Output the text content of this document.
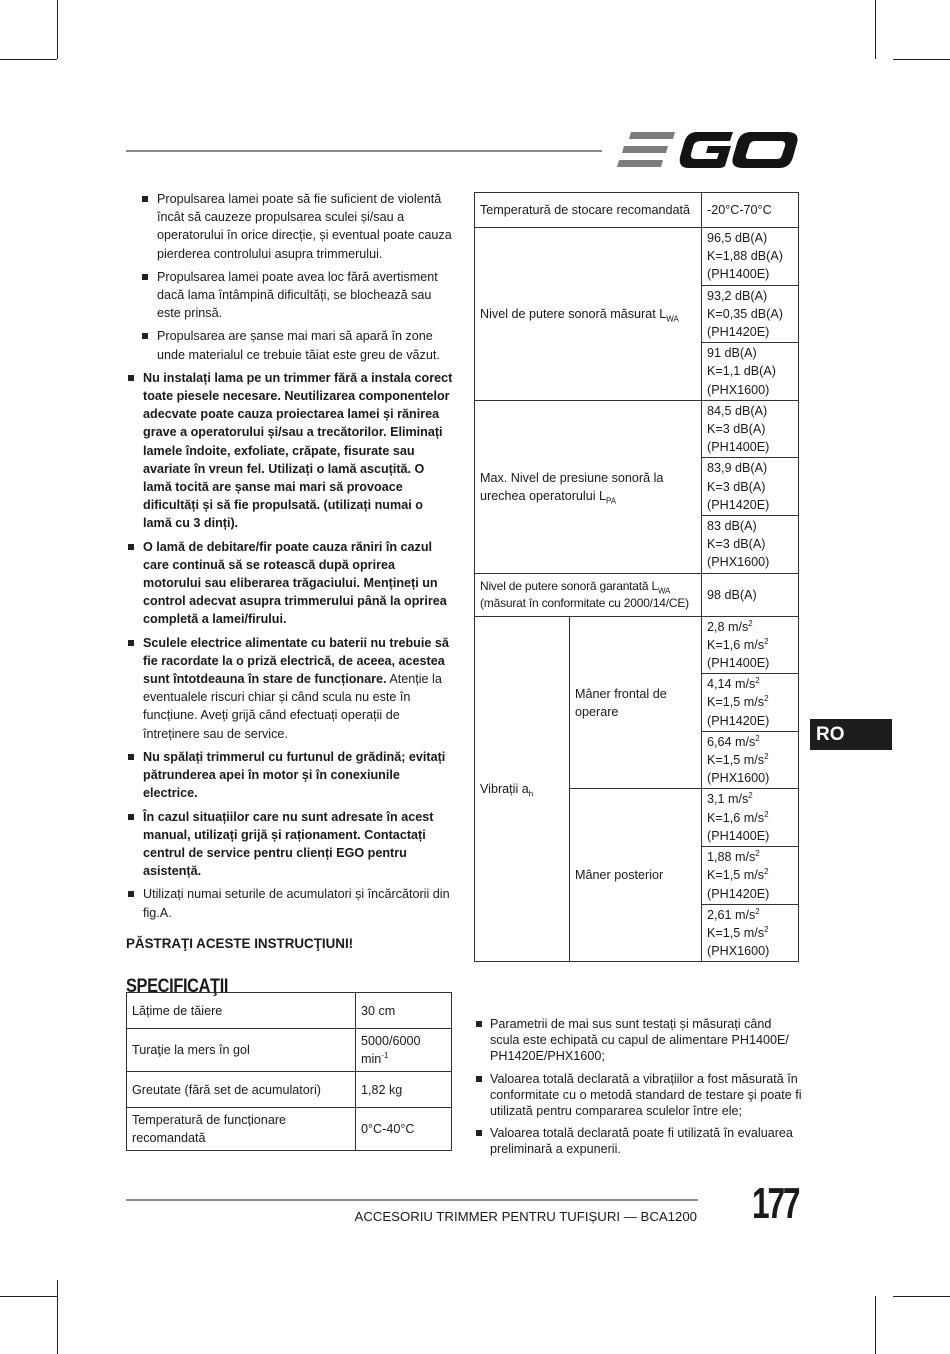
Propulsarea lamei poate să fie suficient de violentă încât să cauzeze propulsarea sculei și/sau a operatorului în orice direcție, și eventual poate cauza pierderea controlului asupra trimmerului.
Propulsarea lamei poate avea loc fără avertisment dacă lama întâmpină dificultăți, se blochează sau este prinsă.
Propulsarea are șanse mai mari să apară în zone unde materialul ce trebuie tăiat este greu de văzut.
Nu instalați lama pe un trimmer fără a instala corect toate piesele necesare. Neutilizarea componentelor adecvate poate cauza proiectarea lamei și rănirea grave a operatorului și/sau a trecătorilor. Eliminați lamele îndoite, exfoliate, crăpate, fisurate sau avariate în vreun fel. Utilizați o lamă ascuțită. O lamă tocită are șanse mai mari să provoace dificultăți și să fie propulsată. (utilizați numai o lamă cu 3 dinți).
O lamă de debitare/fir poate cauza răniri în cazul care continuă să se rotească după oprirea motorului sau eliberarea trăgaciului. Mențineți un control adecvat asupra trimmerului până la oprirea completă a lamei/firului.
Sculele electrice alimentate cu baterii nu trebuie să fie racordate la o priză electrică, de aceea, acestea sunt întotdeauna în stare de funcționare. Atenție la eventualele riscuri chiar și când scula nu este în funcțiune. Aveți grijă când efectuați operații de întreținere sau de service.
Nu spălați trimmerul cu furtunul de grădină; evitați pătrunderea apei în motor și în conexiunile electrice.
În cazul situațiilor care nu sunt adresate în acest manual, utilizați grijă și raționament. Contactați centrul de service pentru clienți EGO pentru asistență.
Utilizați numai seturile de acumulatori și încărcătorii din fig.A.
PĂSTRAŢI ACESTE INSTRUCŢIUNI!
SPECIFICAŢII
Lățime de tăiere	30 cm
Turaţie la mers în gol	5000/6000 $\min^{-1}$
Greutate (fără set de acumulatori)	1,82 kg
Temperatură de funcționare recomandată	0°C-40°C
Temperatură de stocare recomandată		-20°C-70°C
Nivel de putere sonoră măsurat $L_{WA}$		96,5 dB(A)
K=1,88 dB(A)
(PH1400E)

		93,2 dB(A)
K=0,35 dB(A)
(PH1420E)

		91 dB(A)
K=1,1 dB(A)
(PHX1600)

Max. Nivel de presiune sonoră la urechea operatorului $L_{PA}$		84,5 dB(A)
K=3 dB(A)
(PH1400E)

		83,9 dB(A)
K=3 dB(A)
(PH1420E)

		83 dB(A)
K=3 dB(A)
(PHX1600)

Nivel de putere sonoră garantată $L_{WA}$
(măsurat în conformitate cu 2000/14/CE)		98 dB(A)
Vibrații $a_h$	Mâner frontal de operare	2,8 $m/s^2$
K=1,6 $m/s^2$
(PH1400E)

		4,14 $m/s^2$
K=1,5 $m/s^2$
(PH1420E)

		6,64 $m/s^2$
K=1,5 $m/s^2$
(PHX1600)

	Mâner posterior	3,1 $m/s^2$
K=1,6 $m/s^2$
(PH1400E)

		1,88 $m/s^2$
K=1,5 $m/s^2$
(PH1420E)

		2,61 $m/s^2$
K=1,5 $m/s^2$
(PHX1600)
Parametrii de mai sus sunt testați și măsurați când scula este echipată cu capul de alimentare PH1400E/ PH1420E/PHX1600;
Valoarea totală declarată a vibrațiilor a fost măsurată în conformitate cu o metodă standard de testare şi poate fi utilizată pentru compararea sculelor între ele;
Valoarea totală declarată poate fi utilizată în evaluarea preliminară a expunerii.
RO
ACCESORIU TRIMMER PENTRU TUFIȘURI — BCA1200 177
